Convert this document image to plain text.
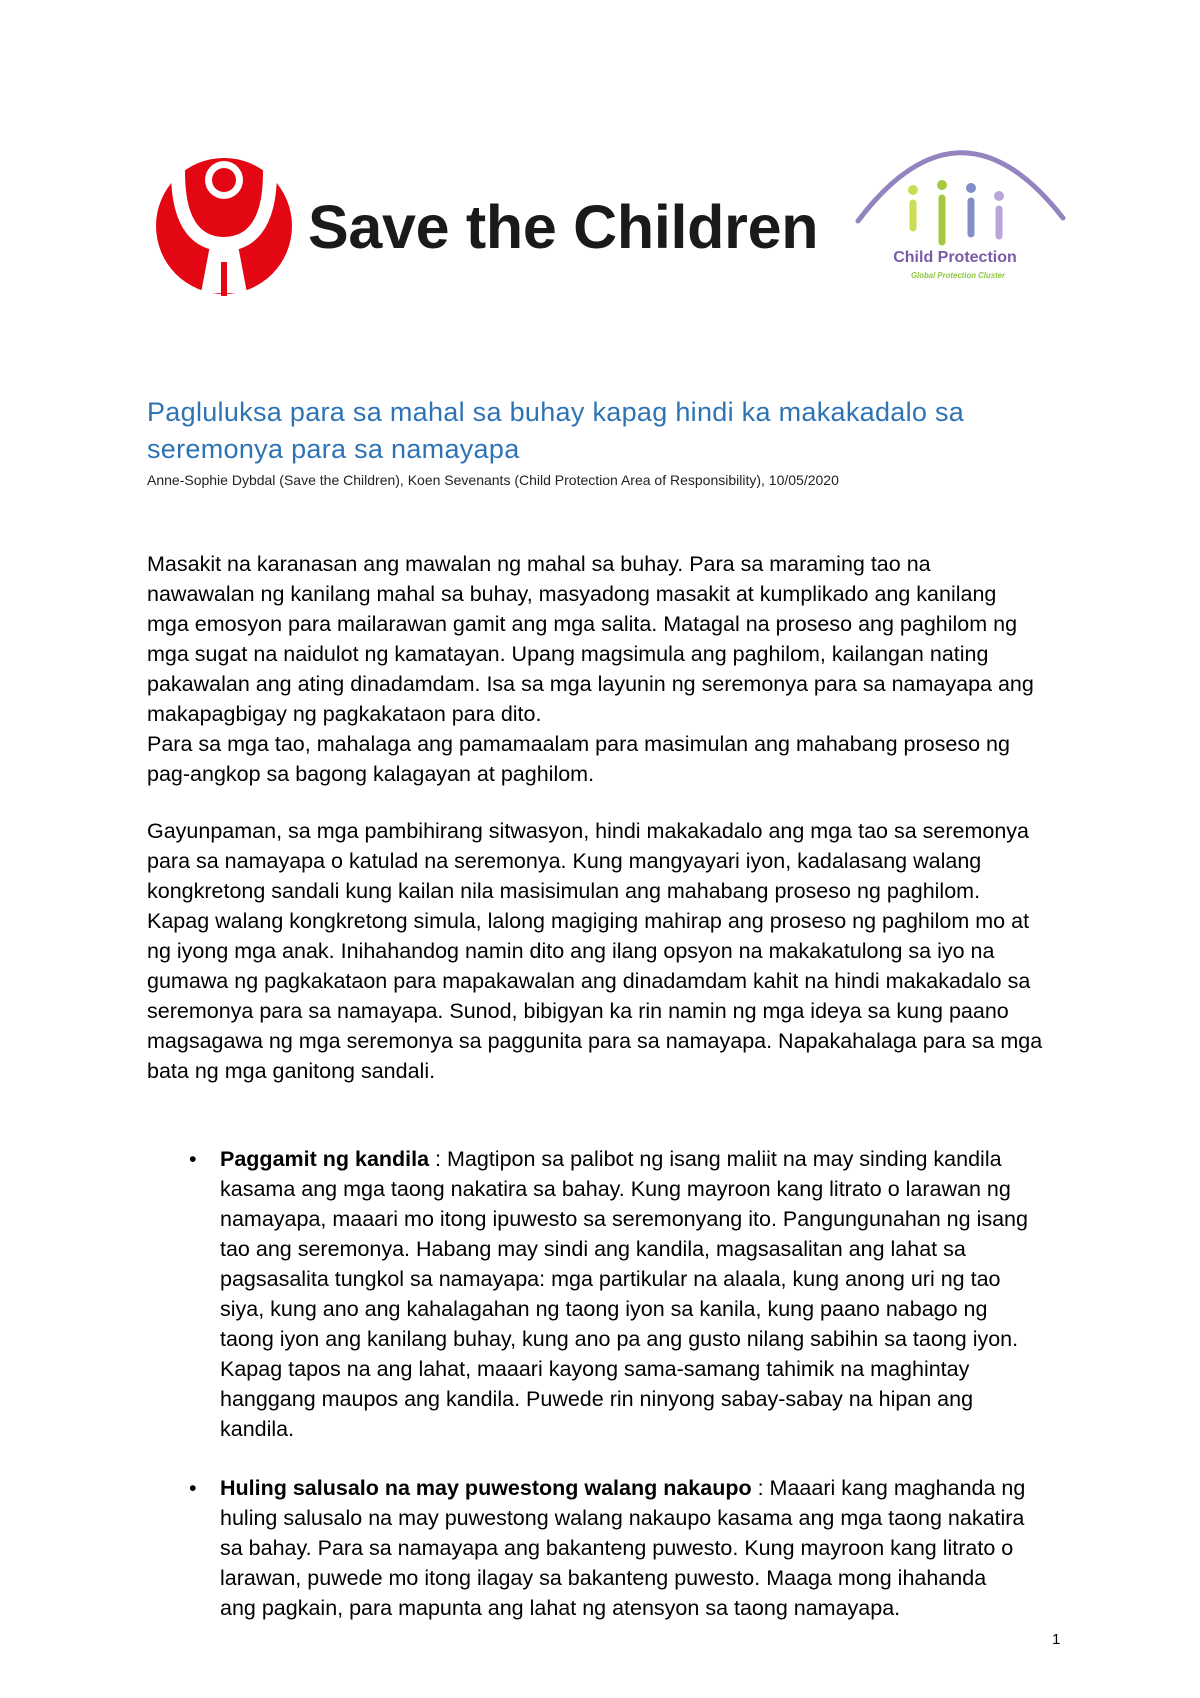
Save the Children	Child Protection
Global Protection Cluster
Pagluluksa para sa mahal sa buhay kapag hindi ka makakadalo sa
seremonya para sa namayapa
Anne-Sophie Dybdal (Save the Children), Koen Sevenants (Child Protection Area of Responsibility), 10/05/2020
Masakit na karanasan ang mawalan ng mahal sa buhay. Para sa maraming tao na
nawawalan ng kanilang mahal sa buhay, masyadong masakit at kumplikado ang kanilang
mga emosyon para mailarawan gamit ang mga salita. Matagal na proseso ang paghilom ng
mga sugat na naidulot ng kamatayan. Upang magsimula ang paghilom, kailangan nating
pakawalan ang ating dinadamdam. Isa sa mga layunin ng seremonya para sa namayapa ang
makapagbigay ng pagkakataon para dito.
Para sa mga tao, mahalaga ang pamamaalam para masimulan ang mahabang proseso ng
pag-angkop sa bagong kalagayan at paghilom.
Gayunpaman, sa mga pambihirang sitwasyon, hindi makakadalo ang mga tao sa seremonya
para sa namayapa o katulad na seremonya. Kung mangyayari iyon, kadalasang walang
kongkretong sandali kung kailan nila masisimulan ang mahabang proseso ng paghilom.
Kapag walang kongkretong simula, lalong magiging mahirap ang proseso ng paghilom mo at
ng iyong mga anak. Inihahandog namin dito ang ilang opsyon na makakatulong sa iyo na
gumawa ng pagkakataon para mapakawalan ang dinadamdam kahit na hindi makakadalo sa
seremonya para sa namayapa. Sunod, bibigyan ka rin namin ng mga ideya sa kung paano
magsagawa ng mga seremonya sa paggunita para sa namayapa. Napakahalaga para sa mga
bata ng mga ganitong sandali.
• Paggamit ng kandila : Magtipon sa palibot ng isang maliit na may sinding kandila
kasama ang mga taong nakatira sa bahay. Kung mayroon kang litrato o larawan ng
namayapa, maaari mo itong ipuwesto sa seremonyang ito. Pangungunahan ng isang
tao ang seremonya. Habang may sindi ang kandila, magsasalitan ang lahat sa
pagsasalita tungkol sa namayapa: mga partikular na alaala, kung anong uri ng tao
siya, kung ano ang kahalagahan ng taong iyon sa kanila, kung paano nabago ng
taong iyon ang kanilang buhay, kung ano pa ang gusto nilang sabihin sa taong iyon.
Kapag tapos na ang lahat, maaari kayong sama-samang tahimik na maghintay
hanggang maupos ang kandila. Puwede rin ninyong sabay-sabay na hipan ang
kandila.
• Huling salusalo na may puwestong walang nakaupo : Maaari kang maghanda ng
huling salusalo na may puwestong walang nakaupo kasama ang mga taong nakatira
sa bahay. Para sa namayapa ang bakanteng puwesto. Kung mayroon kang litrato o
larawan, puwede mo itong ilagay sa bakanteng puwesto. Maaga mong ihahanda
ang pagkain, para mapunta ang lahat ng atensyon sa taong namayapa.
1
